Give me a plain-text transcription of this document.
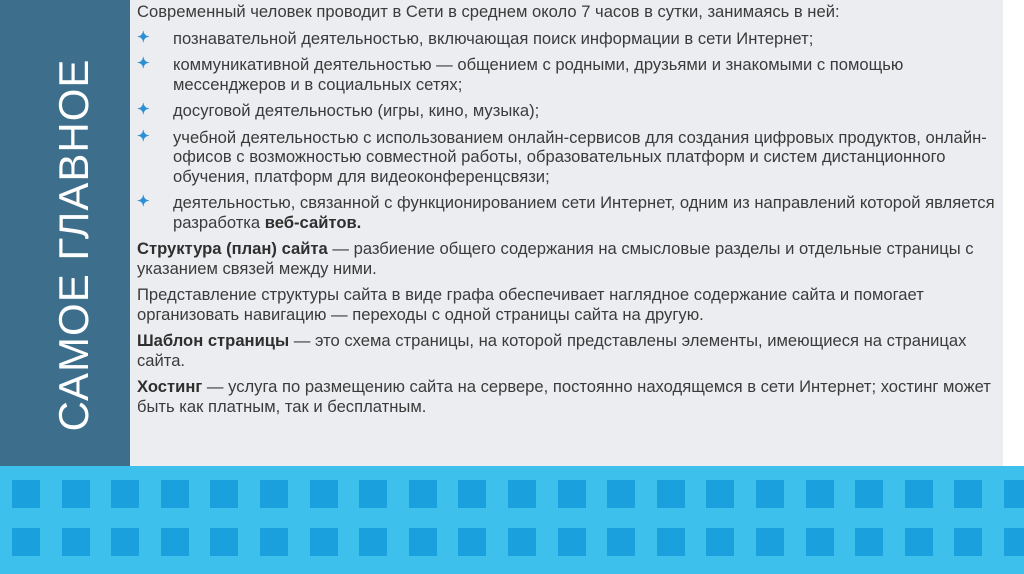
САМОЕ ГЛАВНОЕ

Современный человек проводит в Сети в среднем около 7 часов в сутки, занимаясь в ней:

✦ познавательной деятельностью, включающая поиск информации в сети Интернет;
✦ коммуникативной деятельностью — общением с родными, друзьями и знакомыми с помощью мессенджеров и в социальных сетях;
✦ досуговой деятельностью (игры, кино, музыка);
✦ учебной деятельностью с использованием онлайн-сервисов для создания цифровых продуктов, онлайн-офисов с возможностью совместной работы, образовательных платформ и систем дистанционного обучения, платформ для видеоконференцсвязи;
✦ деятельностью, связанной с функционированием сети Интернет, одним из направлений которой является разработка веб-сайтов.

Структура (план) сайта — разбиение общего содержания на смысловые разделы и отдельные страницы с указанием связей между ними.

Представление структуры сайта в виде графа обеспечивает наглядное содержание сайта и помогает организовать навигацию — переходы с одной страницы сайта на другую.

Шаблон страницы — это схема страницы, на которой представлены элементы, имеющиеся на страницах сайта.

Хостинг — услуга по размещению сайта на сервере, постоянно находящемся в сети Интернет; хостинг может быть как платным, так и бесплатным.
